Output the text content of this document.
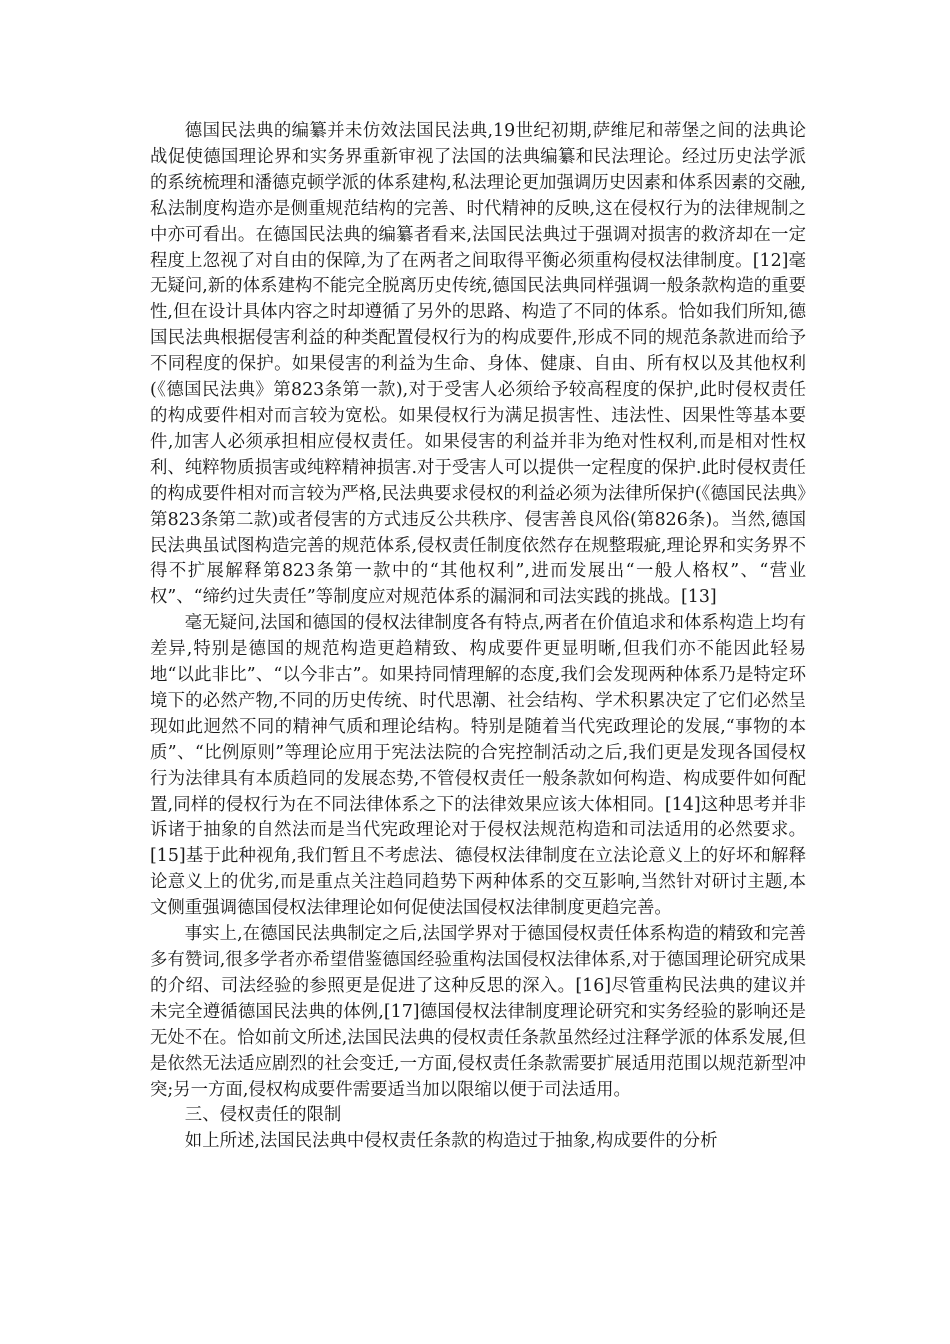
德国民法典的编纂并未仿效法国民法典,19世纪初期,萨维尼和蒂堡之间的法典论战促使德国理论界和实务界重新审视了法国的法典编纂和民法理论。经过历史法学派的系统梳理和潘德克顿学派的体系建构,私法理论更加强调历史因素和体系因素的交融,私法制度构造亦是侧重规范结构的完善、时代精神的反映,这在侵权行为的法律规制之中亦可看出。在德国民法典的编纂者看来,法国民法典过于强调对损害的救济却在一定程度上忽视了对自由的保障,为了在两者之间取得平衡必须重构侵权法律制度。[12]毫无疑问,新的体系建构不能完全脱离历史传统,德国民法典同样强调一般条款构造的重要性,但在设计具体内容之时却遵循了另外的思路、构造了不同的体系。恰如我们所知,德国民法典根据侵害利益的种类配置侵权行为的构成要件,形成不同的规范条款进而给予不同程度的保护。如果侵害的利益为生命、身体、健康、自由、所有权以及其他权利(《德国民法典》第823条第一款),对于受害人必须给予较高程度的保护,此时侵权责任的构成要件相对而言较为宽松。如果侵权行为满足损害性、违法性、因果性等基本要件,加害人必须承担相应侵权责任。如果侵害的利益并非为绝对性权利,而是相对性权利、纯粹物质损害或纯粹精神损害.对于受害人可以提供一定程度的保护.此时侵权责任的构成要件相对而言较为严格,民法典要求侵权的利益必须为法律所保护(《德国民法典》第823条第二款)或者侵害的方式违反公共秩序、侵害善良风俗(第826条)。当然,德国民法典虽试图构造完善的规范体系,侵权责任制度依然存在规整瑕疵,理论界和实务界不得不扩展解释第823条第一款中的“其他权利”,进而发展出“一般人格权”、“营业权”、“缔约过失责任”等制度应对规范体系的漏洞和司法实践的挑战。[13]

毫无疑问,法国和德国的侵权法律制度各有特点,两者在价值追求和体系构造上均有差异,特别是德国的规范构造更趋精致、构成要件更显明晰,但我们亦不能因此轻易地“以此非比”、“以今非古”。如果持同情理解的态度,我们会发现两种体系乃是特定环境下的必然产物,不同的历史传统、时代思潮、社会结构、学术积累决定了它们必然呈现如此迥然不同的精神气质和理论结构。特别是随着当代宪政理论的发展,“事物的本质”、“比例原则”等理论应用于宪法法院的合宪控制活动之后,我们更是发现各国侵权行为法律具有本质趋同的发展态势,不管侵权责任一般条款如何构造、构成要件如何配置,同样的侵权行为在不同法律体系之下的法律效果应该大体相同。[14]这种思考并非诉诸于抽象的自然法而是当代宪政理论对于侵权法规范构造和司法适用的必然要求。[15]基于此种视角,我们暂且不考虑法、德侵权法律制度在立法论意义上的好坏和解释论意义上的优劣,而是重点关注趋同趋势下两种体系的交互影响,当然针对研讨主题,本文侧重强调德国侵权法律理论如何促使法国侵权法律制度更趋完善。

事实上,在德国民法典制定之后,法国学界对于德国侵权责任体系构造的精致和完善多有赞词,很多学者亦希望借鉴德国经验重构法国侵权法律体系,对于德国理论研究成果的介绍、司法经验的参照更是促进了这种反思的深入。[16]尽管重构民法典的建议并未完全遵循德国民法典的体例,[17]德国侵权法律制度理论研究和实务经验的影响还是无处不在。恰如前文所述,法国民法典的侵权责任条款虽然经过注释学派的体系发展,但是依然无法适应剧烈的社会变迁,一方面,侵权责任条款需要扩展适用范围以规范新型冲突;另一方面,侵权构成要件需要适当加以限缩以便于司法适用。

三、侵权责任的限制

如上所述,法国民法典中侵权责任条款的构造过于抽象,构成要件的分析
